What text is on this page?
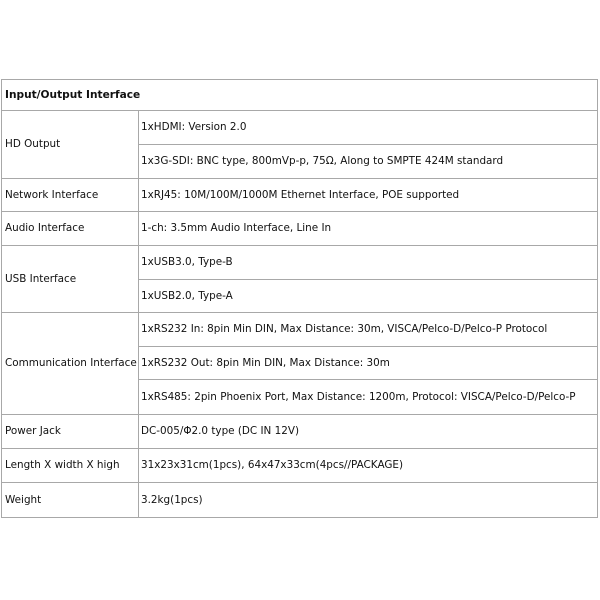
Input/Output Interface	
HD Output	1xHDMI: Version 2.0
	1x3G-SDI: BNC type, 800mVp-p, 75Ω, Along to SMPTE 424M standard
Network Interface	1xRJ45: 10M/100M/1000M Ethernet Interface, POE supported
Audio Interface	1-ch: 3.5mm Audio Interface, Line In
USB Interface	1xUSB3.0, Type-B
	1xUSB2.0, Type-A
Communication Interface	1xRS232 In: 8pin Min DIN, Max Distance: 30m, VISCA/Pelco-D/Pelco-P Protocol
	1xRS232 Out: 8pin Min DIN, Max Distance: 30m
	1xRS485: 2pin Phoenix Port, Max Distance: 1200m, Protocol: VISCA/Pelco-D/Pelco-P
Power Jack	DC-005/Φ2.0 type (DC IN 12V)
Length X width X high	31x23x31cm(1pcs), 64x47x33cm(4pcs//PACKAGE)
Weight	3.2kg(1pcs)
